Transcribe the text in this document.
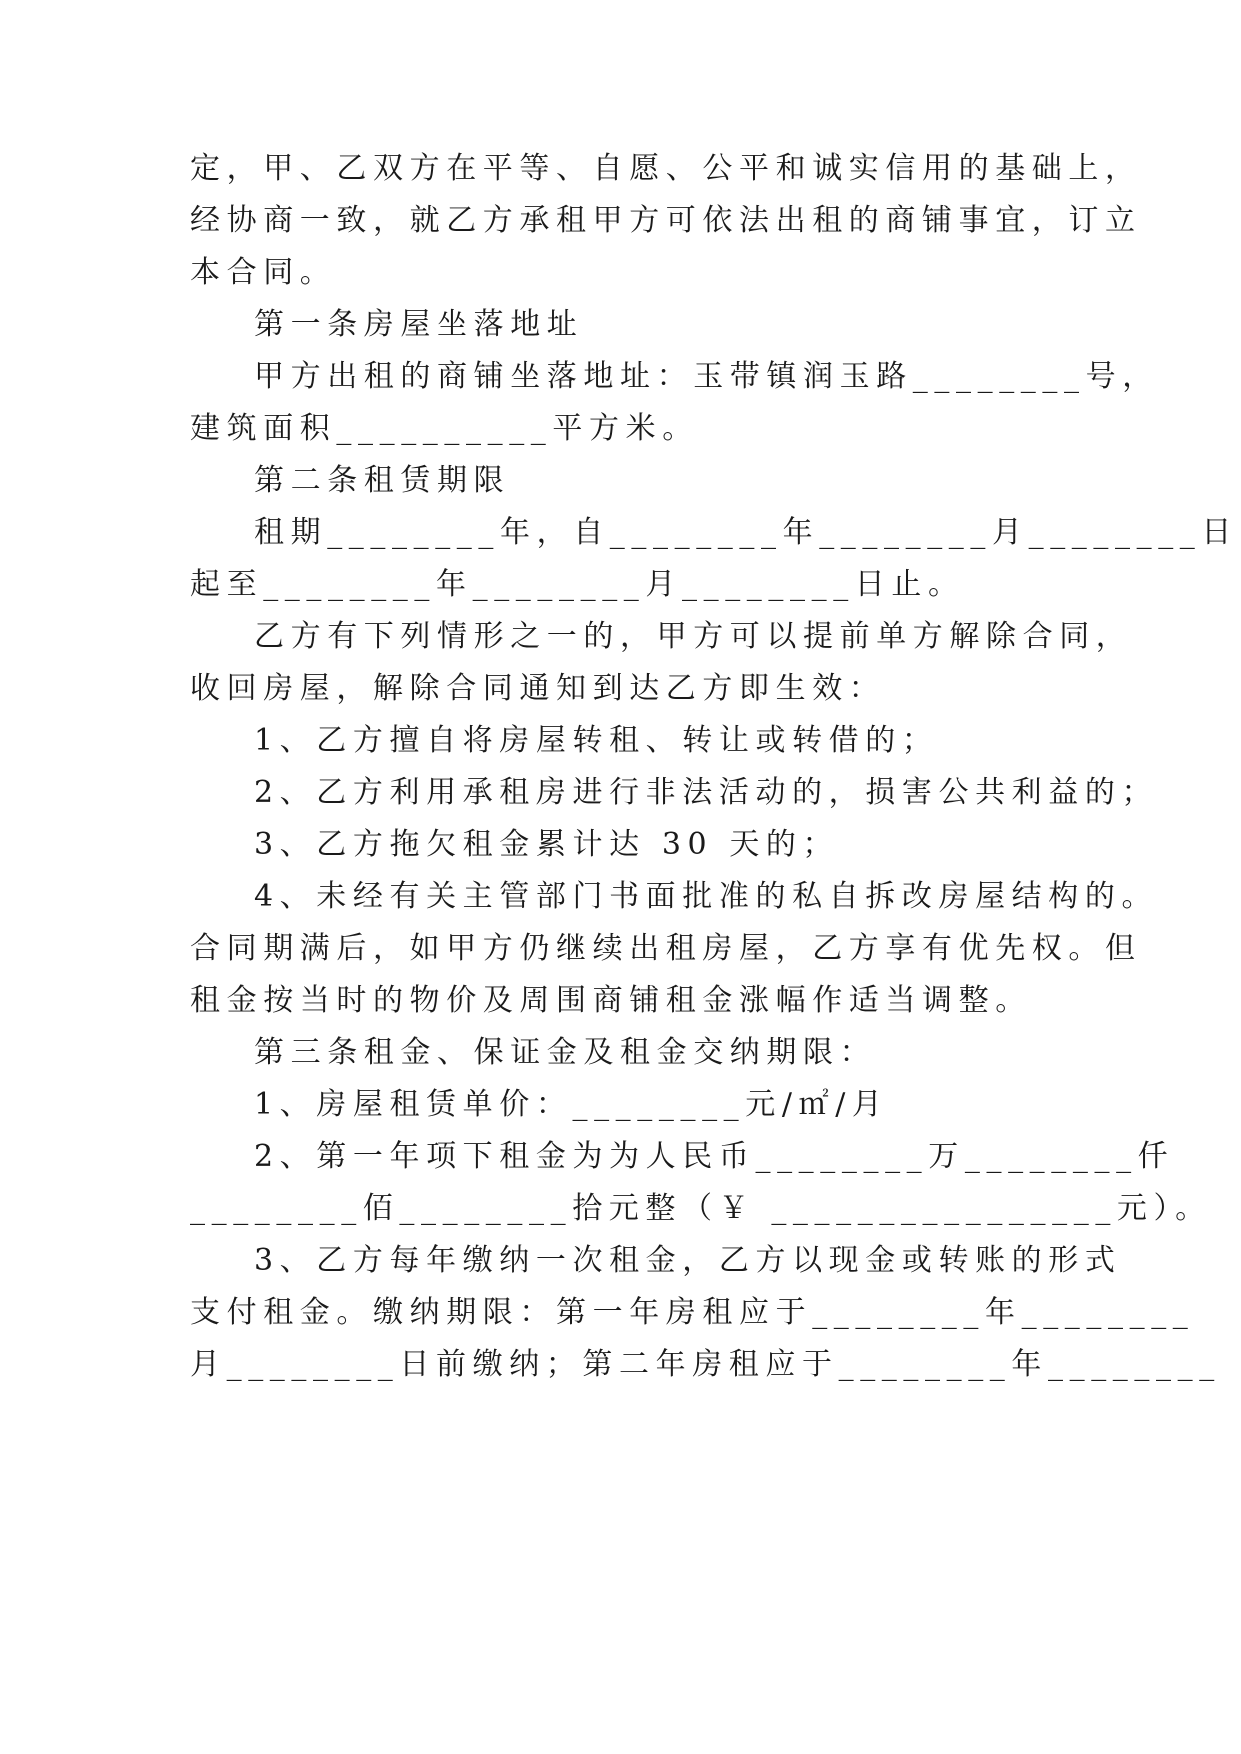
定，甲、乙双方在平等、自愿、公平和诚实信用的基础上，
经协商一致，就乙方承租甲方可依法出租的商铺事宜，订立
本合同。
第一条房屋坐落地址
甲方出租的商铺坐落地址：玉带镇润玉路________号，
建筑面积__________平方米。
第二条租赁期限
租期________年，自________年________月________日
起至________年________月________日止。
乙方有下列情形之一的，甲方可以提前单方解除合同，
收回房屋，解除合同通知到达乙方即生效：
1、乙方擅自将房屋转租、转让或转借的；
2、乙方利用承租房进行非法活动的，损害公共利益的；
3、乙方拖欠租金累计达 30 天的；
4、未经有关主管部门书面批准的私自拆改房屋结构的。
合同期满后，如甲方仍继续出租房屋，乙方享有优先权。但
租金按当时的物价及周围商铺租金涨幅作适当调整。
第三条租金、保证金及租金交纳期限：
1、房屋租赁单价：________元/㎡/月
2、第一年项下租金为为人民币________万________仟
________佰________拾元整（￥ ________________元）。
3、乙方每年缴纳一次租金，乙方以现金或转账的形式
支付租金。缴纳期限：第一年房租应于________年________
月________日前缴纳；第二年房租应于________年________
